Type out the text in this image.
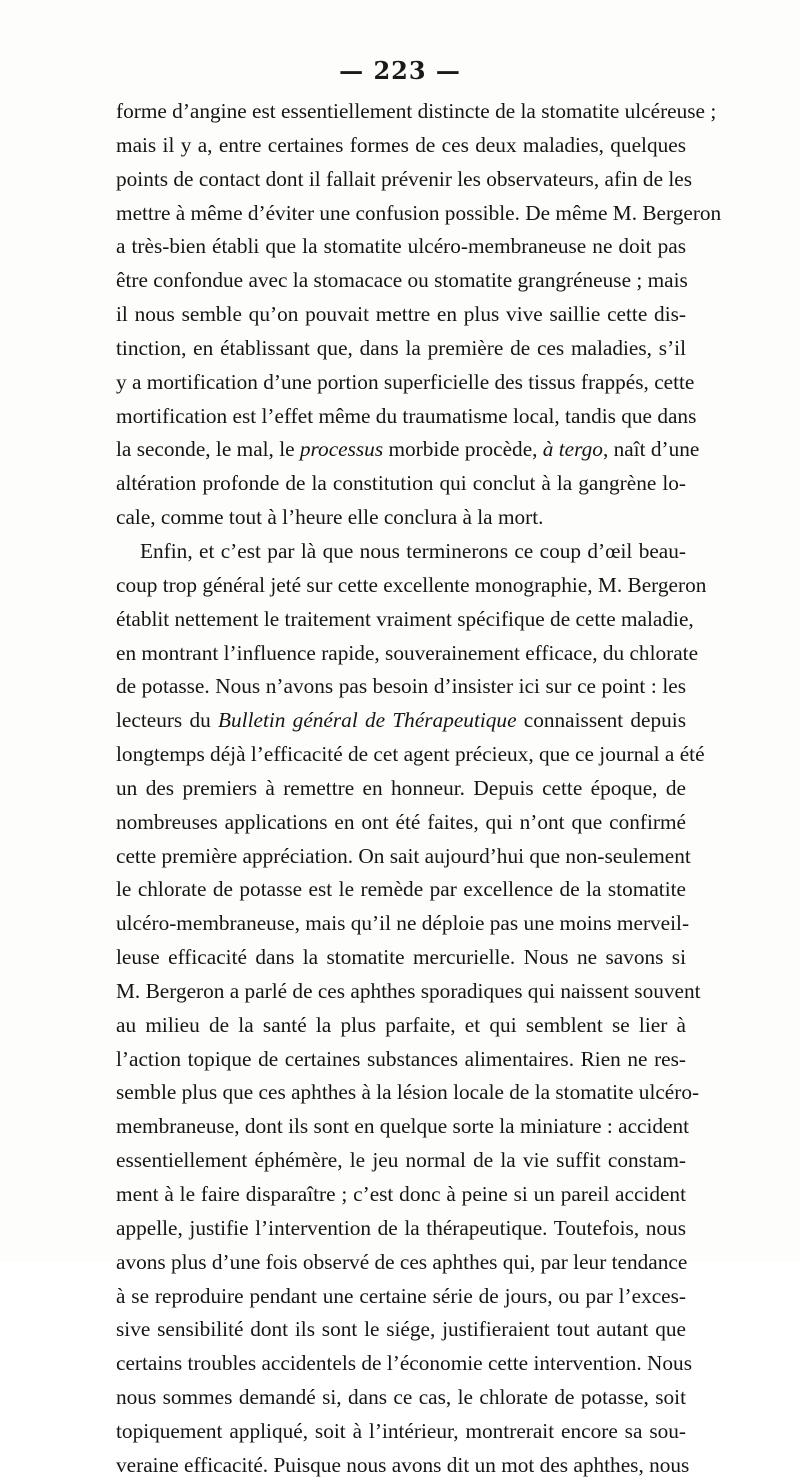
— 223 —
forme d’angine est essentiellement distincte de la stomatite ulcéreuse ;
mais il y a, entre certaines formes de ces deux maladies, quelques
points de contact dont il fallait prévenir les observateurs, afin de les
mettre à même d’éviter une confusion possible. De même M. Bergeron
a très-bien établi que la stomatite ulcéro-membraneuse ne doit pas
être confondue avec la stomacace ou stomatite grangréneuse ; mais
il nous semble qu’on pouvait mettre en plus vive saillie cette dis-
tinction, en établissant que, dans la première de ces maladies, s’il
y a mortification d’une portion superficielle des tissus frappés, cette
mortification est l’effet même du traumatisme local, tandis que dans
la seconde, le mal, le processus morbide procède, à tergo, naît d’une
altération profonde de la constitution qui conclut à la gangrène lo-
cale, comme tout à l’heure elle conclura à la mort.
Enfin, et c’est par là que nous terminerons ce coup d’œil beau-
coup trop général jeté sur cette excellente monographie, M. Bergeron
établit nettement le traitement vraiment spécifique de cette maladie,
en montrant l’influence rapide, souverainement efficace, du chlorate
de potasse. Nous n’avons pas besoin d’insister ici sur ce point : les
lecteurs du Bulletin général de Thérapeutique connaissent depuis
longtemps déjà l’efficacité de cet agent précieux, que ce journal a été
un des premiers à remettre en honneur. Depuis cette époque, de
nombreuses applications en ont été faites, qui n’ont que confirmé
cette première appréciation. On sait aujourd’hui que non-seulement
le chlorate de potasse est le remède par excellence de la stomatite
ulcéro-membraneuse, mais qu’il ne déploie pas une moins merveil-
leuse efficacité dans la stomatite mercurielle. Nous ne savons si
M. Bergeron a parlé de ces aphthes sporadiques qui naissent souvent
au milieu de la santé la plus parfaite, et qui semblent se lier à
l’action topique de certaines substances alimentaires. Rien ne res-
semble plus que ces aphthes à la lésion locale de la stomatite ulcéro-
membraneuse, dont ils sont en quelque sorte la miniature : accident
essentiellement éphémère, le jeu normal de la vie suffit constam-
ment à le faire disparaître ; c’est donc à peine si un pareil accident
appelle, justifie l’intervention de la thérapeutique. Toutefois, nous
avons plus d’une fois observé de ces aphthes qui, par leur tendance
à se reproduire pendant une certaine série de jours, ou par l’exces-
sive sensibilité dont ils sont le siége, justifieraient tout autant que
certains troubles accidentels de l’économie cette intervention. Nous
nous sommes demandé si, dans ce cas, le chlorate de potasse, soit
topiquement appliqué, soit à l’intérieur, montrerait encore sa sou-
veraine efficacité. Puisque nous avons dit un mot des aphthes, nous
